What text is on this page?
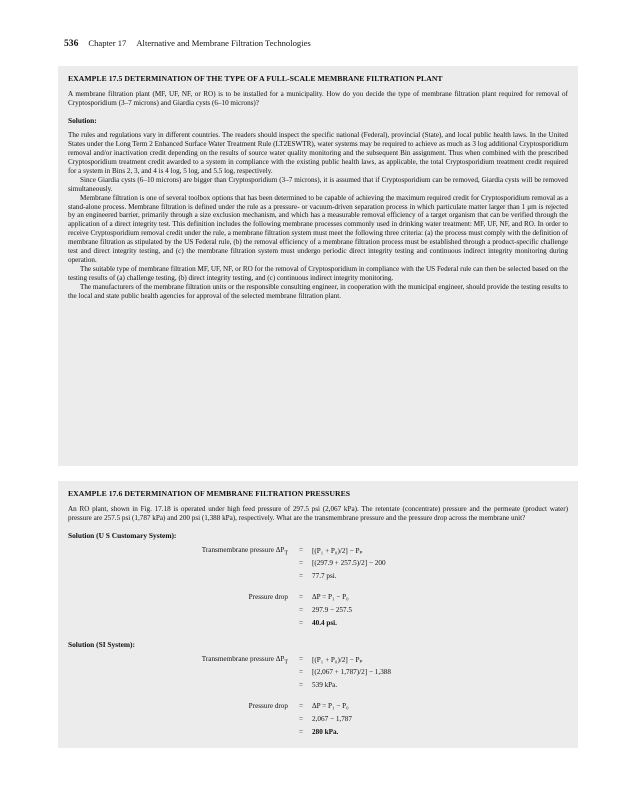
536 Chapter 17 Alternative and Membrane Filtration Technologies
EXAMPLE 17.5 DETERMINATION OF THE TYPE OF A FULL-SCALE MEMBRANE FILTRATION PLANT

A membrane filtration plant (MF, UF, NF, or RO) is to be installed for a municipality. How do you decide the type of membrane filtration plant required for removal of Cryptosporidium (3–7 microns) and Giardia cysts (6–10 microns)?

Solution:

The rules and regulations vary in different countries. The readers should inspect the specific national (Federal), provincial (State), and local public health laws. In the United States under the Long Term 2 Enhanced Surface Water Treatment Rule (LT2ESWTR), water systems may be required to achieve as much as 3 log additional Cryptosporidium removal and/or inactivation credit depending on the results of source water quality monitoring and the subsequent Bin assignment. Thus when combined with the prescribed Cryptosporidium treatment credit awarded to a system in compliance with the existing public health laws, as applicable, the total Cryptosporidium treatment credit required for a system in Bins 2, 3, and 4 is 4 log, 5 log, and 5.5 log, respectively.

Since Giardia cysts (6–10 microns) are bigger than Cryptosporidium (3–7 microns), it is assumed that if Cryptosporidium can be removed, Giardia cysts will be removed simultaneously.

Membrane filtration is one of several toolbox options that has been determined to be capable of achieving the maximum required credit for Cryptosporidium removal as a stand-alone process. Membrane filtration is defined under the rule as a pressure- or vacuum-driven separation process in which particulate matter larger than 1 μm is rejected by an engineered barrier, primarily through a size exclusion mechanism, and which has a measurable removal efficiency of a target organism that can be verified through the application of a direct integrity test. This definition includes the following membrane processes commonly used in drinking water treatment: MF, UF, NF, and RO. In order to receive Cryptosporidium removal credit under the rule, a membrane filtration system must meet the following three criteria: (a) the process must comply with the definition of membrane filtration as stipulated by the US Federal rule, (b) the removal efficiency of a membrane filtration process must be established through a product-specific challenge test and direct integrity testing, and (c) the membrane filtration system must undergo periodic direct integrity testing and continuous indirect integrity monitoring during operation.

The suitable type of membrane filtration MF, UF, NF, or RO for the removal of Cryptosporidium in compliance with the US Federal rule can then be selected based on the testing results of (a) challenge testing, (b) direct integrity testing, and (c) continuous indirect integrity monitoring.

The manufacturers of the membrane filtration units or the responsible consulting engineer, in cooperation with the municipal engineer, should provide the testing results to the local and state public health agencies for approval of the selected membrane filtration plant.

EXAMPLE 17.6 DETERMINATION OF MEMBRANE FILTRATION PRESSURES

An RO plant, shown in Fig. 17.18 is operated under high feed pressure of 297.5 psi (2,067 kPa). The retentate (concentrate) pressure and the permeate (product water) pressure are 257.5 psi (1,787 kPa) and 200 psi (1,388 kPa), respectively. What are the transmembrane pressure and the pressure drop across the membrane unit?

Solution (U S Customary System):
Transmembrane pressure $\Delta P_T = [(P_1 + P_0)/2] - P_p$
= [(297.9 + 257.5)/2] − 200
= 77.7 psi.
Pressure drop = ΔP = P₁ − P₀
= 297.9 − 257.5
= 40.4 psi.
Solution (SI System):
Transmembrane pressure $\Delta P_T = [(P_1 + P_0)/2] - P_p$
= [(2,067 + 1,787)/2] − 1,388
= 539 kPa.
Pressure drop = ΔP = P₁ − P₀
= 2,067 − 1,787
= 280 kPa.
